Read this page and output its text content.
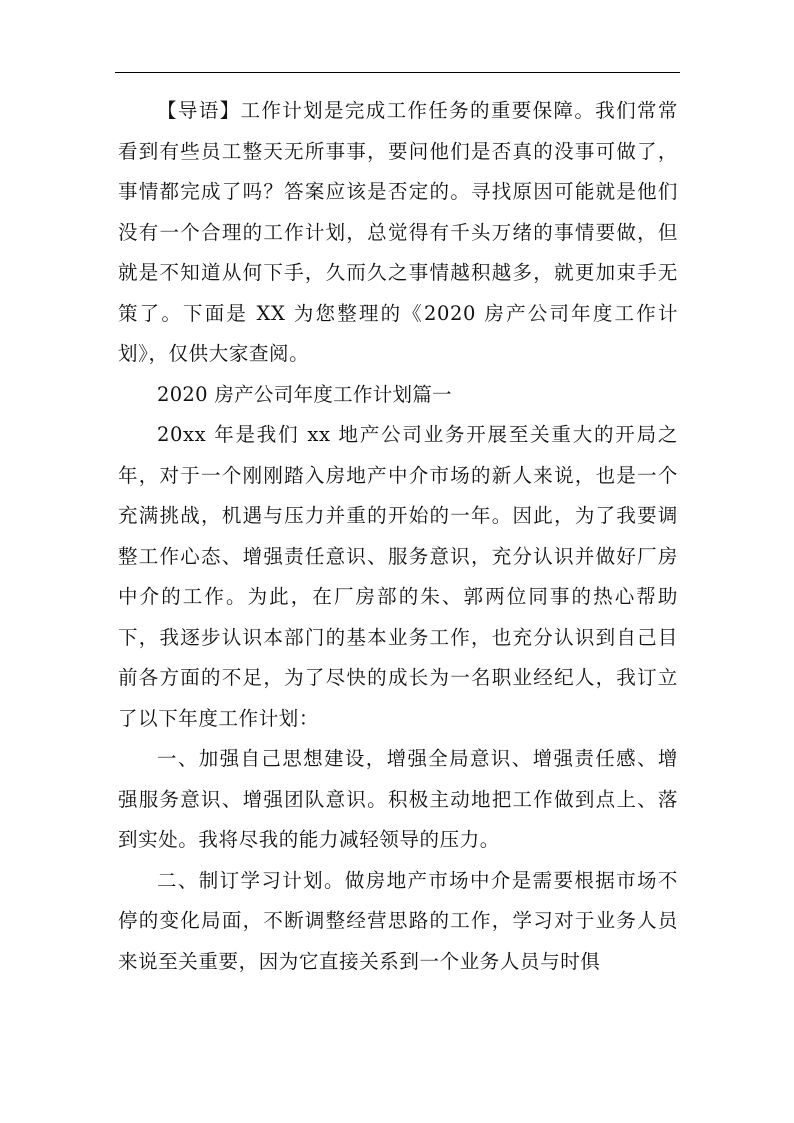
【导语】工作计划是完成工作任务的重要保障。我们常常看到有些员工整天无所事事，要问他们是否真的没事可做了，事情都完成了吗？答案应该是否定的。寻找原因可能就是他们没有一个合理的工作计划，总觉得有千头万绪的事情要做，但就是不知道从何下手，久而久之事情越积越多，就更加束手无策了。下面是 XX 为您整理的《2020 房产公司年度工作计划》，仅供大家查阅。

2020 房产公司年度工作计划篇一

20xx 年是我们 xx 地产公司业务开展至关重大的开局之年，对于一个刚刚踏入房地产中介市场的新人来说，也是一个充满挑战，机遇与压力并重的开始的一年。因此，为了我要调整工作心态、增强责任意识、服务意识，充分认识并做好厂房中介的工作。为此，在厂房部的朱、郭两位同事的热心帮助下，我逐步认识本部门的基本业务工作，也充分认识到自己目前各方面的不足，为了尽快的成长为一名职业经纪人，我订立了以下年度工作计划：

一、加强自己思想建设，增强全局意识、增强责任感、增强服务意识、增强团队意识。积极主动地把工作做到点上、落到实处。我将尽我的能力减轻领导的压力。

二、制订学习计划。做房地产市场中介是需要根据市场不停的变化局面，不断调整经营思路的工作，学习对于业务人员来说至关重要，因为它直接关系到一个业务人员与时俱
